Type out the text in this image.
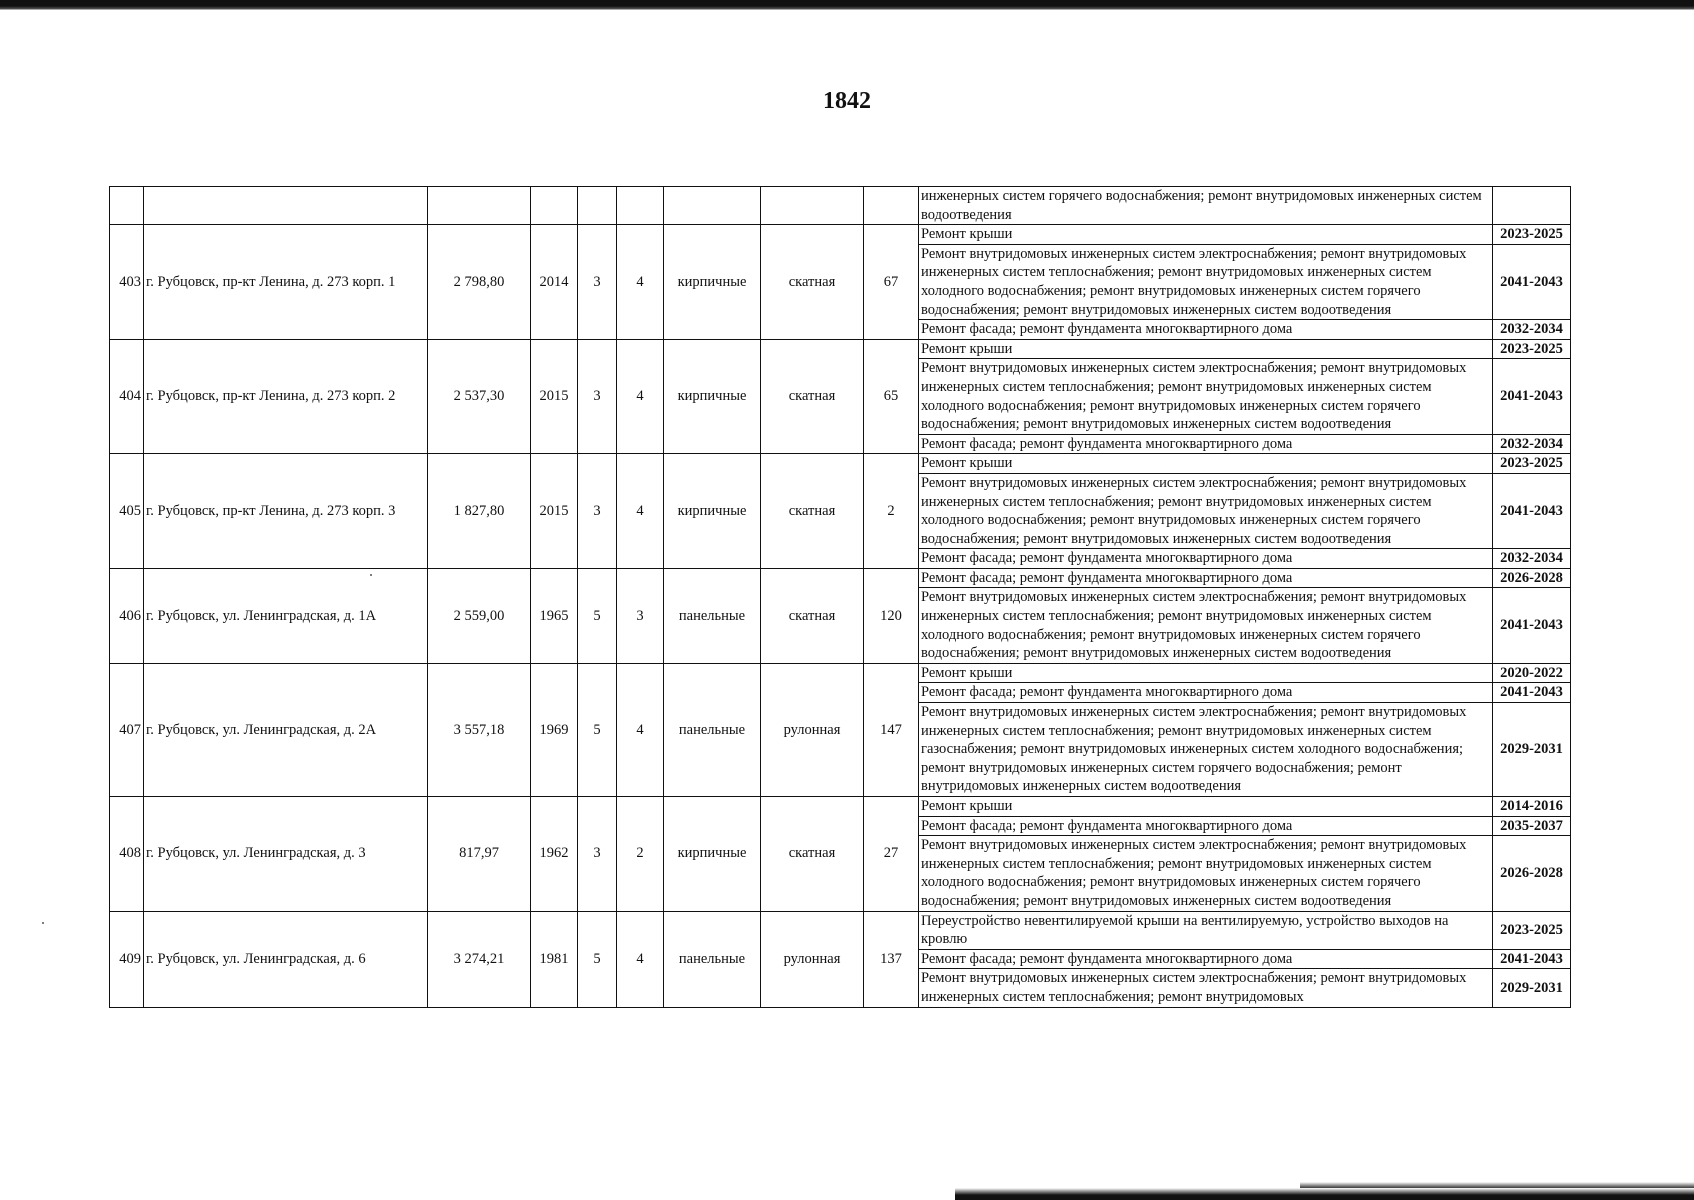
1842
									инженерных систем горячего водоснабжения; ремонт внутридомовых инженерных систем водоотведения	
403	г. Рубцовск, пр-кт Ленина, д. 273 корп. 1	2 798,80	2014	3	4	кирпичные	скатная	67	Ремонт крыши	2023-2025
									Ремонт внутридомовых инженерных систем электроснабжения; ремонт внутридомовых инженерных систем теплоснабжения; ремонт внутридомовых инженерных систем холодного водоснабжения; ремонт внутридомовых инженерных систем горячего водоснабжения; ремонт внутридомовых инженерных систем водоотведения	2041-2043
									Ремонт фасада; ремонт фундамента многоквартирного дома	2032-2034
404	г. Рубцовск, пр-кт Ленина, д. 273 корп. 2	2 537,30	2015	3	4	кирпичные	скатная	65	Ремонт крыши	2023-2025
									Ремонт внутридомовых инженерных систем электроснабжения; ремонт внутридомовых инженерных систем теплоснабжения; ремонт внутридомовых инженерных систем холодного водоснабжения; ремонт внутридомовых инженерных систем горячего водоснабжения; ремонт внутридомовых инженерных систем водоотведения	2041-2043
									Ремонт фасада; ремонт фундамента многоквартирного дома	2032-2034
405	г. Рубцовск, пр-кт Ленина, д. 273 корп. 3	1 827,80	2015	3	4	кирпичные	скатная	2	Ремонт крыши	2023-2025
									Ремонт внутридомовых инженерных систем электроснабжения; ремонт внутридомовых инженерных систем теплоснабжения; ремонт внутридомовых инженерных систем холодного водоснабжения; ремонт внутридомовых инженерных систем горячего водоснабжения; ремонт внутридомовых инженерных систем водоотведения	2041-2043
									Ремонт фасада; ремонт фундамента многоквартирного дома	2032-2034
406	г. Рубцовск, ул. Ленинградская, д. 1А	2 559,00	1965	5	3	панельные	скатная	120	Ремонт фасада; ремонт фундамента многоквартирного дома	2026-2028
									Ремонт внутридомовых инженерных систем электроснабжения; ремонт внутридомовых инженерных систем теплоснабжения; ремонт внутридомовых инженерных систем холодного водоснабжения; ремонт внутридомовых инженерных систем горячего водоснабжения; ремонт внутридомовых инженерных систем водоотведения	2041-2043
407	г. Рубцовск, ул. Ленинградская, д. 2А	3 557,18	1969	5	4	панельные	рулонная	147	Ремонт крыши	2020-2022
									Ремонт фасада; ремонт фундамента многоквартирного дома	2041-2043
									Ремонт внутридомовых инженерных систем электроснабжения; ремонт внутридомовых инженерных систем теплоснабжения; ремонт внутридомовых инженерных систем газоснабжения; ремонт внутридомовых инженерных систем холодного водоснабжения; ремонт внутридомовых инженерных систем горячего водоснабжения; ремонт внутридомовых инженерных систем водоотведения	2029-2031
408	г. Рубцовск, ул. Ленинградская, д. 3	817,97	1962	3	2	кирпичные	скатная	27	Ремонт крыши	2014-2016
									Ремонт фасада; ремонт фундамента многоквартирного дома	2035-2037
									Ремонт внутридомовых инженерных систем электроснабжения; ремонт внутридомовых инженерных систем теплоснабжения; ремонт внутридомовых инженерных систем холодного водоснабжения; ремонт внутридомовых инженерных систем горячего водоснабжения; ремонт внутридомовых инженерных систем водоотведения	2026-2028
409	г. Рубцовск, ул. Ленинградская, д. 6	3 274,21	1981	5	4	панельные	рулонная	137	Переустройство невентилируемой крыши на вентилируемую, устройство выходов на кровлю	2023-2025
									Ремонт фасада; ремонт фундамента многоквартирного дома	2041-2043
									Ремонт внутридомовых инженерных систем электроснабжения; ремонт внутридомовых инженерных систем теплоснабжения; ремонт внутридомовых	2029-2031
